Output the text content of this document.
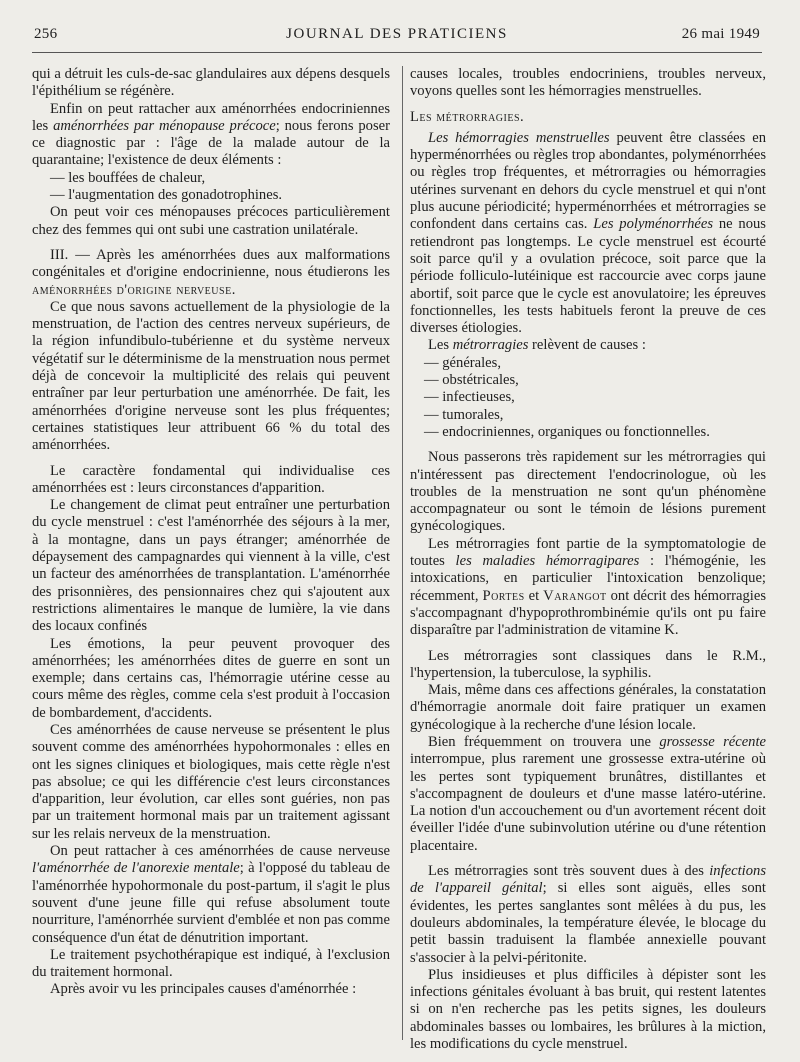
256	JOURNAL DES PRATICIENS	26 mai 1949

qui a détruit les culs-de-sac glandulaires aux dépens desquels l'épithélium se régénère.

Enfin on peut rattacher aux aménorrhées endocriniennes les aménorrhées par ménopause précoce; nous ferons poser ce diagnostic par : l'âge de la malade autour de la quarantaine; l'existence de deux éléments :

— les bouffées de chaleur,

— l'augmentation des gonadotrophines.

On peut voir ces ménopauses précoces particulièrement chez des femmes qui ont subi une castration unilatérale.

III. — Après les aménorrhées dues aux malformations congénitales et d'origine endocrinienne, nous étudierons les aménorrhées d'origine nerveuse.

Ce que nous savons actuellement de la physiologie de la menstruation, de l'action des centres nerveux supérieurs, de la région infundibulo-tubérienne et du système nerveux végétatif sur le déterminisme de la menstruation nous permet déjà de concevoir la multiplicité des relais qui peuvent entraîner par leur perturbation une aménorrhée. De fait, les aménorrhées d'origine nerveuse sont les plus fréquentes; certaines statistiques leur attribuent 66 % du total des aménorrhées.

Le caractère fondamental qui individualise ces aménorrhées est : leurs circonstances d'apparition.

Le changement de climat peut entraîner une perturbation du cycle menstruel : c'est l'aménorrhée des séjours à la mer, à la montagne, dans un pays étranger; aménorrhée de dépaysement des campagnardes qui viennent à la ville, c'est un facteur des aménorrhées de transplantation. L'aménorrhée des prisonnières, des pensionnaires chez qui s'ajoutent aux restrictions alimentaires le manque de lumière, la vie dans des locaux confinés

Les émotions, la peur peuvent provoquer des aménorrhées; les aménorrhées dites de guerre en sont un exemple; dans certains cas, l'hémorragie utérine cesse au cours même des règles, comme cela s'est produit à l'occasion de bombardement, d'accidents.

Ces aménorrhées de cause nerveuse se présentent le plus souvent comme des aménorrhées hypohormonales : elles en ont les signes cliniques et biologiques, mais cette règle n'est pas absolue; ce qui les différencie c'est leurs circonstances d'apparition, leur évolution, car elles sont guéries, non pas par un traitement hormonal mais par un traitement agissant sur les relais nerveux de la menstruation.

On peut rattacher à ces aménorrhées de cause nerveuse l'aménorrhée de l'anorexie mentale; à l'opposé du tableau de l'aménorrhée hypohormonale du post-partum, il s'agit le plus souvent d'une jeune fille qui refuse absolument toute nourriture, l'aménorrhée survient d'emblée et non pas comme conséquence d'un état de dénutrition important.

Le traitement psychothérapique est indiqué, à l'exclusion du traitement hormonal.

Après avoir vu les principales causes d'aménorrhée :

causes locales, troubles endocriniens, troubles nerveux, voyons quelles sont les hémorragies menstruelles.

Les métrorragies.

Les hémorragies menstruelles peuvent être classées en hyperménorrhées ou règles trop abondantes, polyménorrhées ou règles trop fréquentes, et métrorragies ou hémorragies utérines survenant en dehors du cycle menstruel et qui n'ont plus aucune périodicité; hyperménorrhées et métrorragies se confondent dans certains cas. Les polyménorrhées ne nous retiendront pas longtemps. Le cycle menstruel est écourté soit parce qu'il y a ovulation précoce, soit parce que la période folliculo-lutéinique est raccourcie avec corps jaune abortif, soit parce que le cycle est anovulatoire; les épreuves fonctionnelles, les tests habituels feront la preuve de ces diverses étiologies.

Les métrorragies relèvent de causes :

— générales,

— obstétricales,

— infectieuses,

— tumorales,

— endocriniennes, organiques ou fonctionnelles.

Nous passerons très rapidement sur les métrorragies qui n'intéressent pas directement l'endocrinologue, où les troubles de la menstruation ne sont qu'un phénomène accompagnateur ou sont le témoin de lésions purement gynécologiques.

Les métrorragies font partie de la symptomatologie de toutes les maladies hémorragipares : l'hémogénie, les intoxications, en particulier l'intoxication benzolique; récemment, Portes et Varangot ont décrit des hémorragies s'accompagnant d'hypoprothrombinémie qu'ils ont pu faire disparaître par l'administration de vitamine K.

Les métrorragies sont classiques dans le R.M., l'hypertension, la tuberculose, la syphilis.

Mais, même dans ces affections générales, la constatation d'hémorragie anormale doit faire pratiquer un examen gynécologique à la recherche d'une lésion locale.

Bien fréquemment on trouvera une grossesse récente interrompue, plus rarement une grossesse extra-utérine où les pertes sont typiquement brunâtres, distillantes et s'accompagnent de douleurs et d'une masse latéro-utérine. La notion d'un accouchement ou d'un avortement récent doit éveiller l'idée d'une subinvolution utérine ou d'une rétention placentaire.

Les métrorragies sont très souvent dues à des infections de l'appareil génital; si elles sont aiguës, elles sont évidentes, les pertes sanglantes sont mêlées à du pus, les douleurs abdominales, la température élevée, le blocage du petit bassin traduisent la flambée annexielle pouvant s'associer à la pelvi-péritonite.

Plus insidieuses et plus difficiles à dépister sont les infections génitales évoluant à bas bruit, qui restent latentes si on n'en recherche pas les petits signes, les douleurs abdominales basses ou lombaires, les brûlures à la miction, les modifications du cycle menstruel.
